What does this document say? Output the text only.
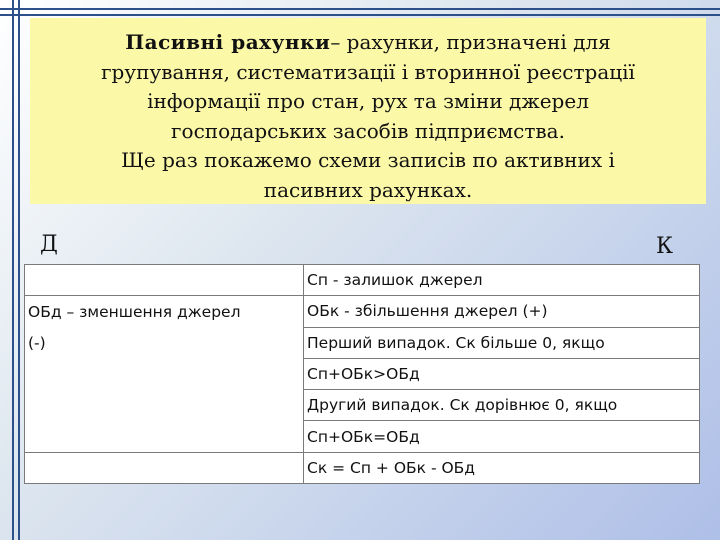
Пасивні рахунки– рахунки, призначені для
групування, систематизації і вторинної реєстрації
інформації про стан, рух та зміни джерел
господарських засобів підприємства.
Ще раз покажемо схеми записів по активних і
пасивних рахунках.
Д	К
	Сп - залишок джерел
ОБд – зменшення джерел	ОБк - збільшення джерел (+)
(-)	Перший випадок. Ск більше 0, якщо
	Сп+ОБк>ОБд
	Другий випадок. Ск дорівнює 0, якщо
	Сп+ОБк=ОБд
	Ск = Сп + ОБк - ОБд
